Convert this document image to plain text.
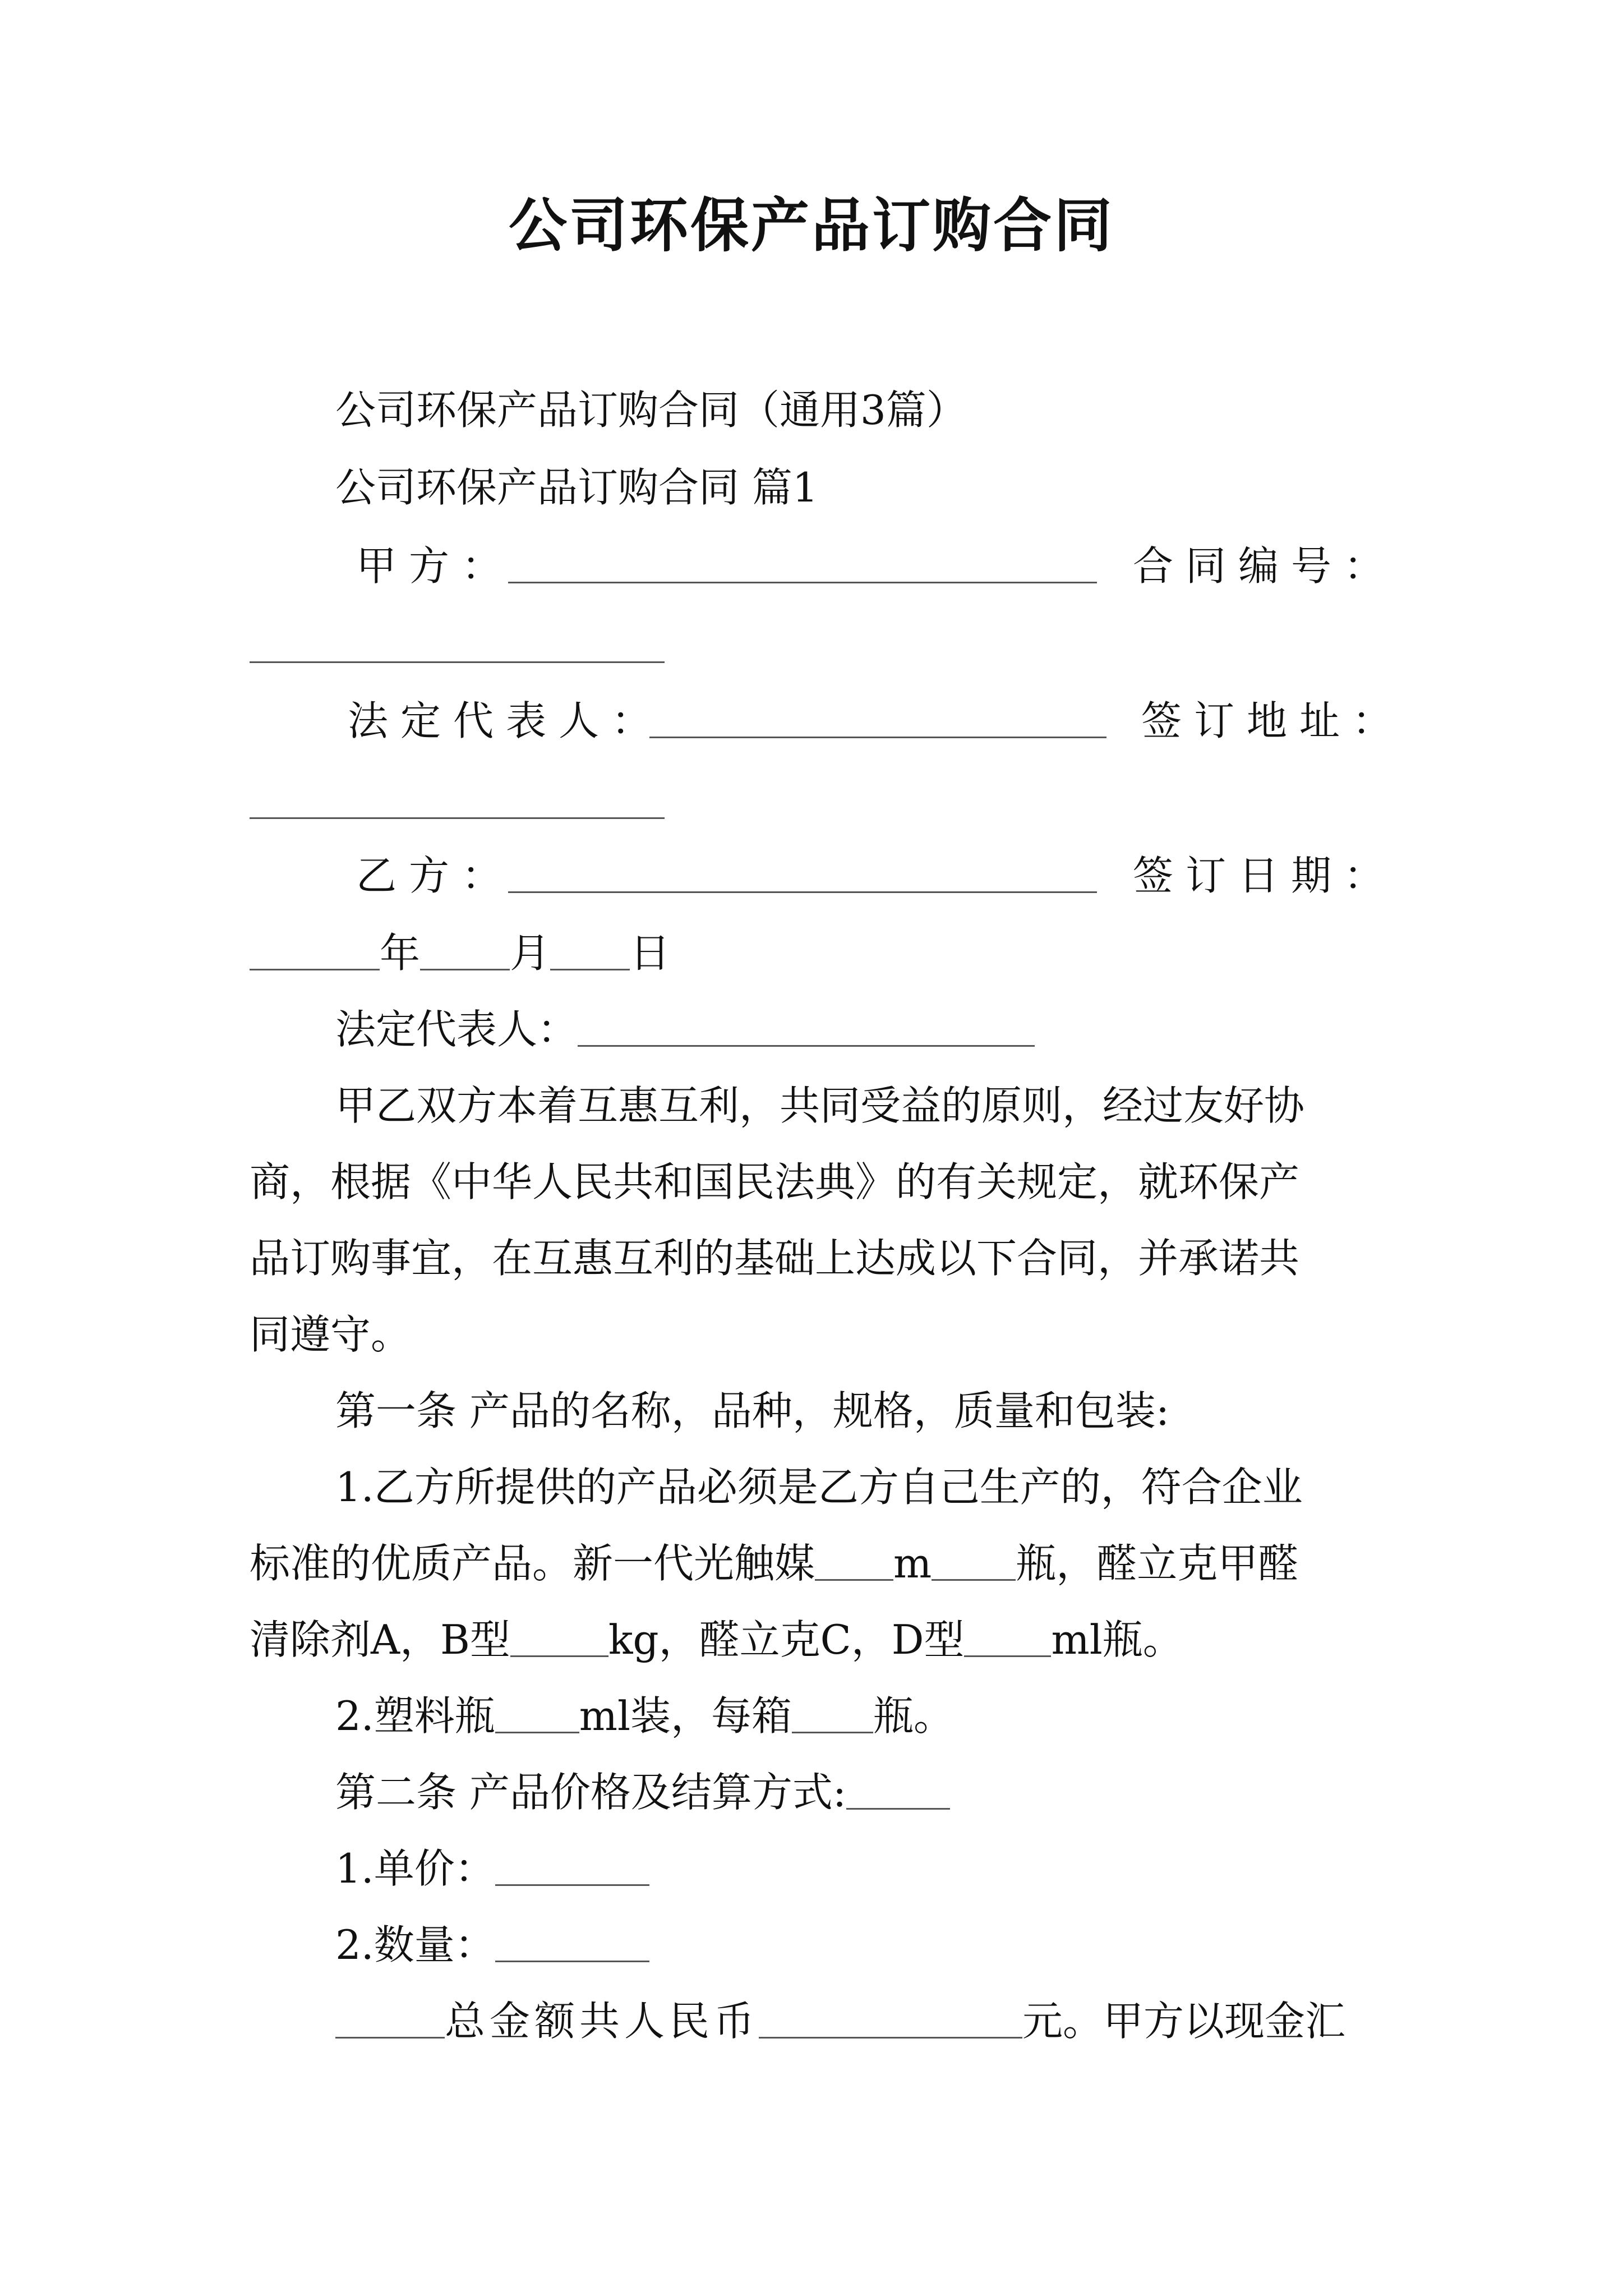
公司环保产品订购合同
公司环保产品订购合同（通用3篇）
公司环保产品订购合同 篇1
甲方：	合同编号：
法定代表人：	签订地址：
乙方：	签订日期：
年 月 日
法定代表人：
甲乙双方本着互惠互利，共同受益的原则，经过友好协
商，根据《中华人民共和国民法典》的有关规定，就环保产
品订购事宜，在互惠互利的基础上达成以下合同，并承诺共
同遵守。
第一条 产品的名称，品种，规格，质量和包装:
1.乙方所提供的产品必须是乙方自己生产的，符合企业
标准的优质产品。新一代光触媒 m 瓶，醛立克甲醛
清除剂A，B型 kg，醛立克C，D型 ml瓶。
2.塑料瓶 ml装，每箱 瓶。
第二条 产品价格及结算方式:
1.单价：
2.数量：
总金额共人民币	元。甲方以现金汇
